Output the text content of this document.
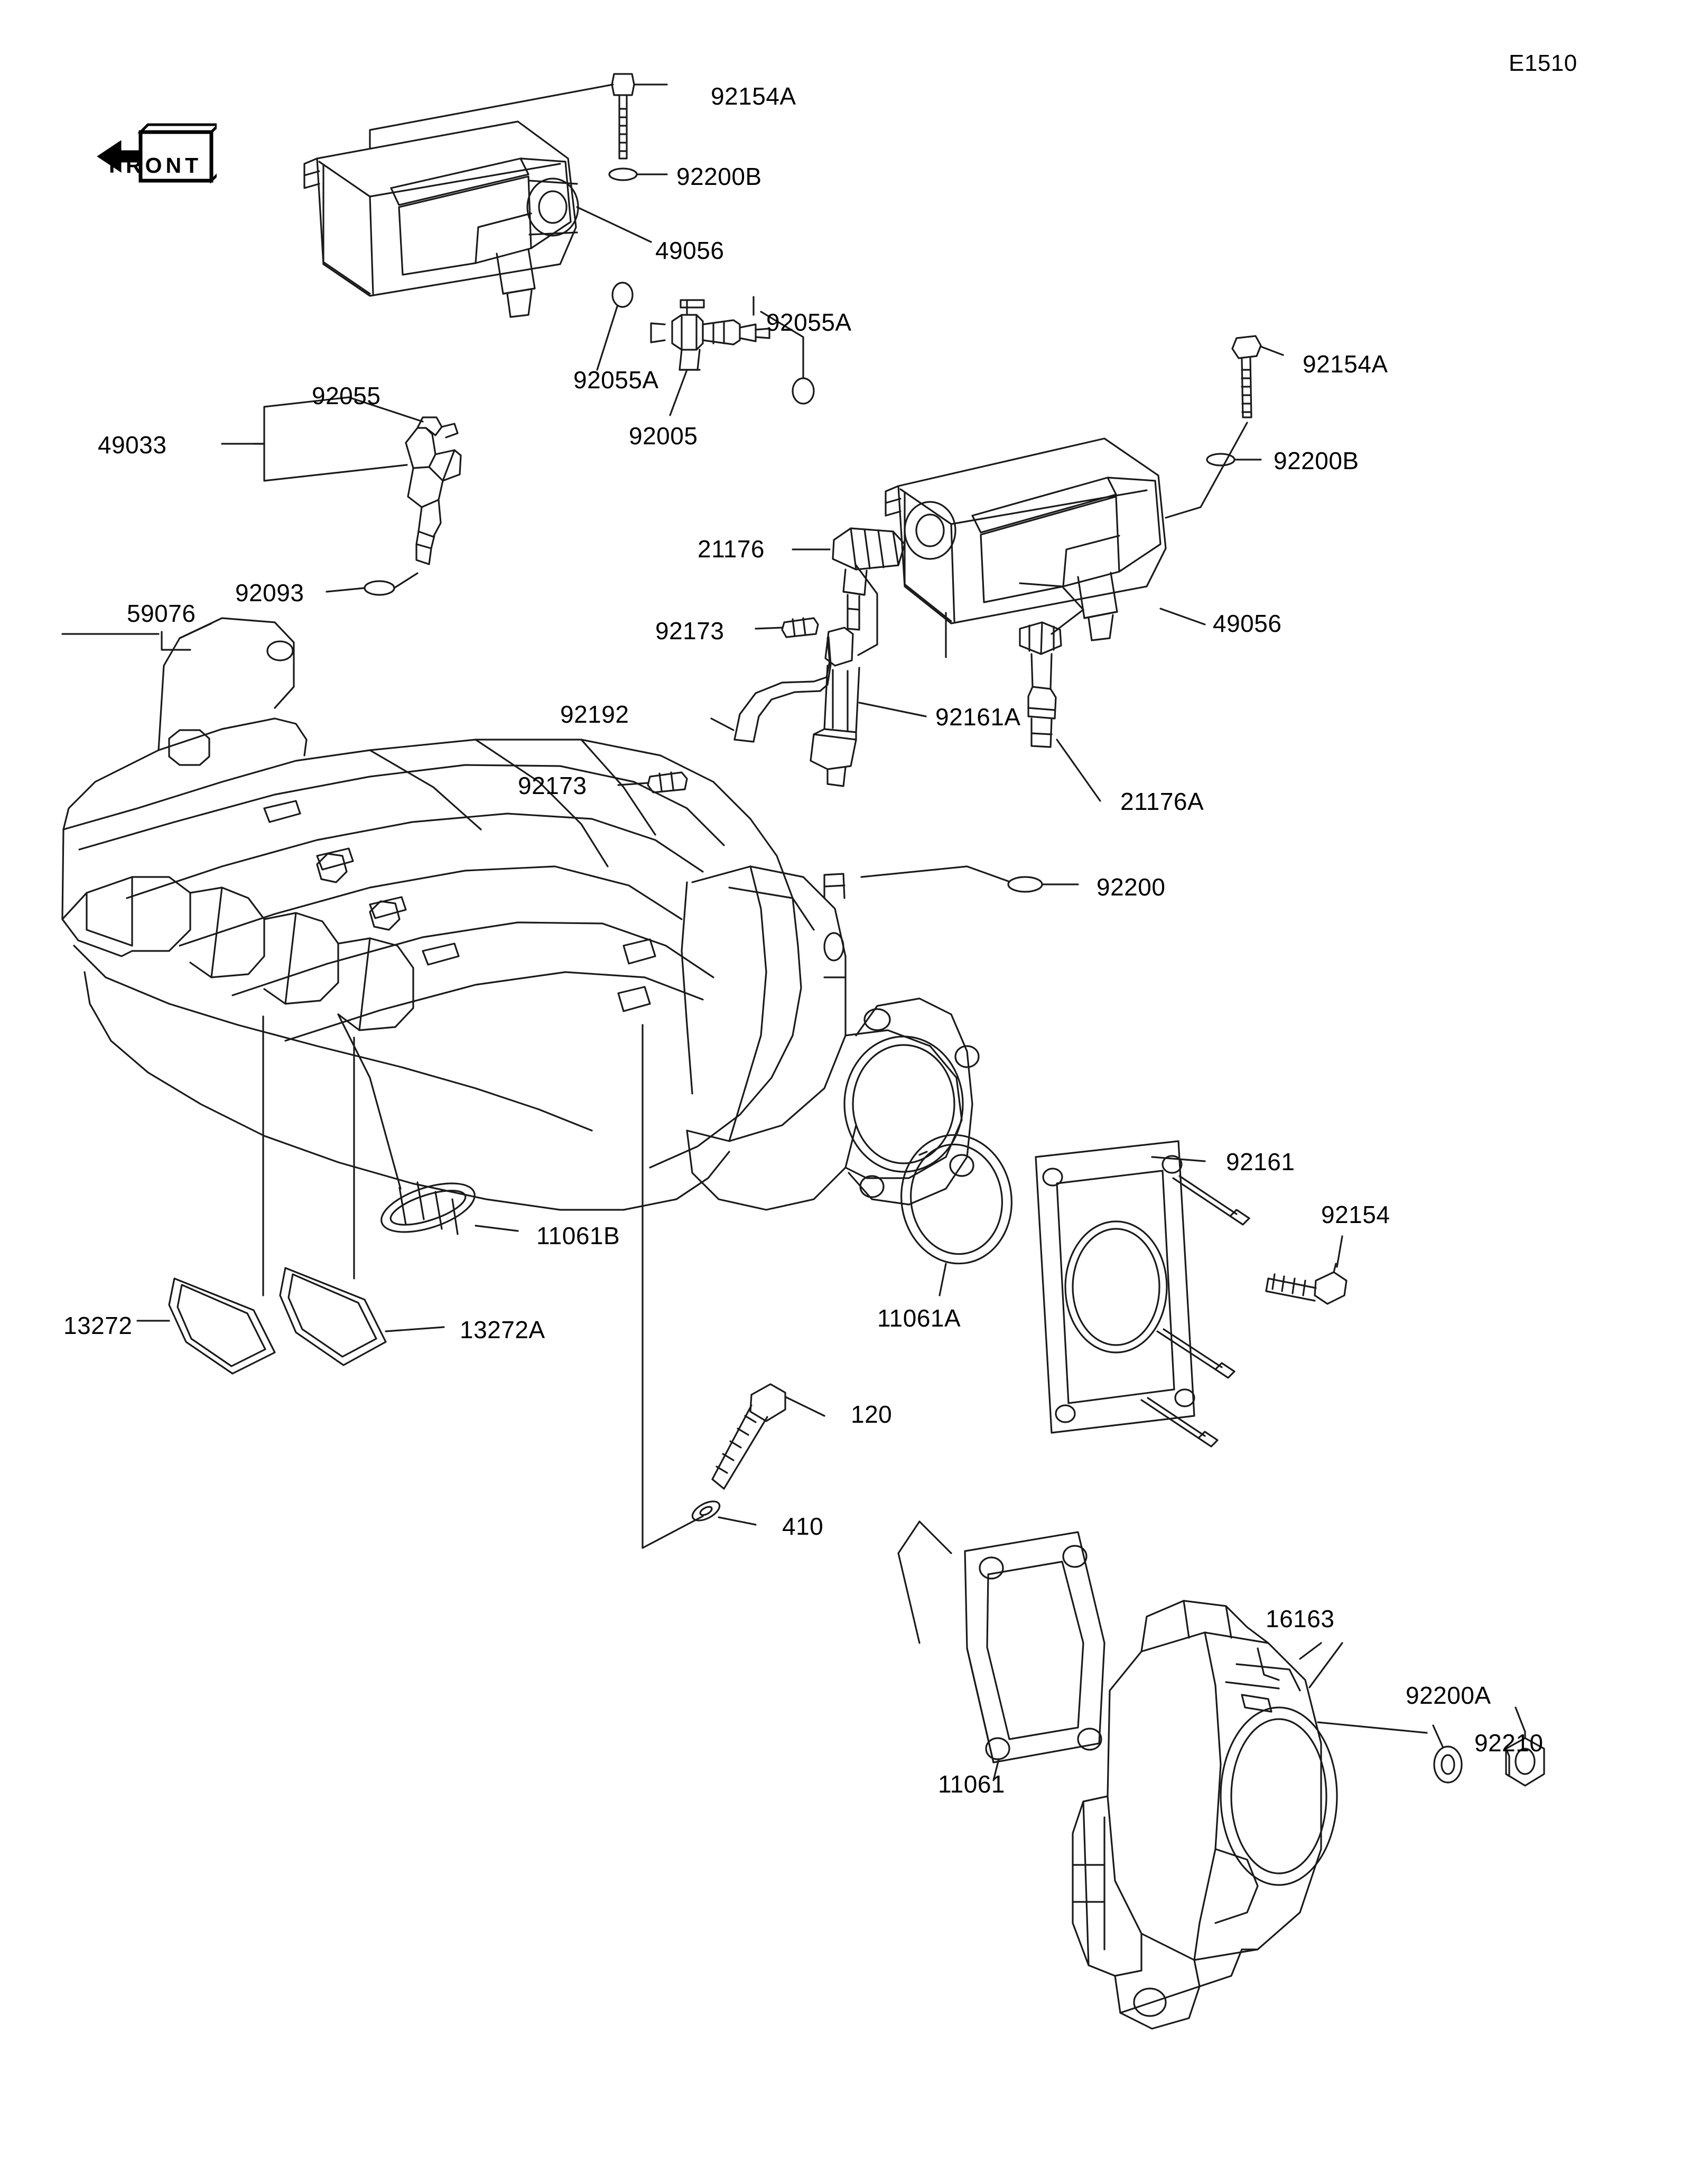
E1510
FRONT
92154A
92200B
49056
92055A
92055A
92005
92055
49033
92154A
92200B
49056
21176
92173
92192	92161A
92173
21176A
92200
92093
59076
92161
92154
11061A
11061B
13272	13272A
120
410
11061
16163
92200A
92210
